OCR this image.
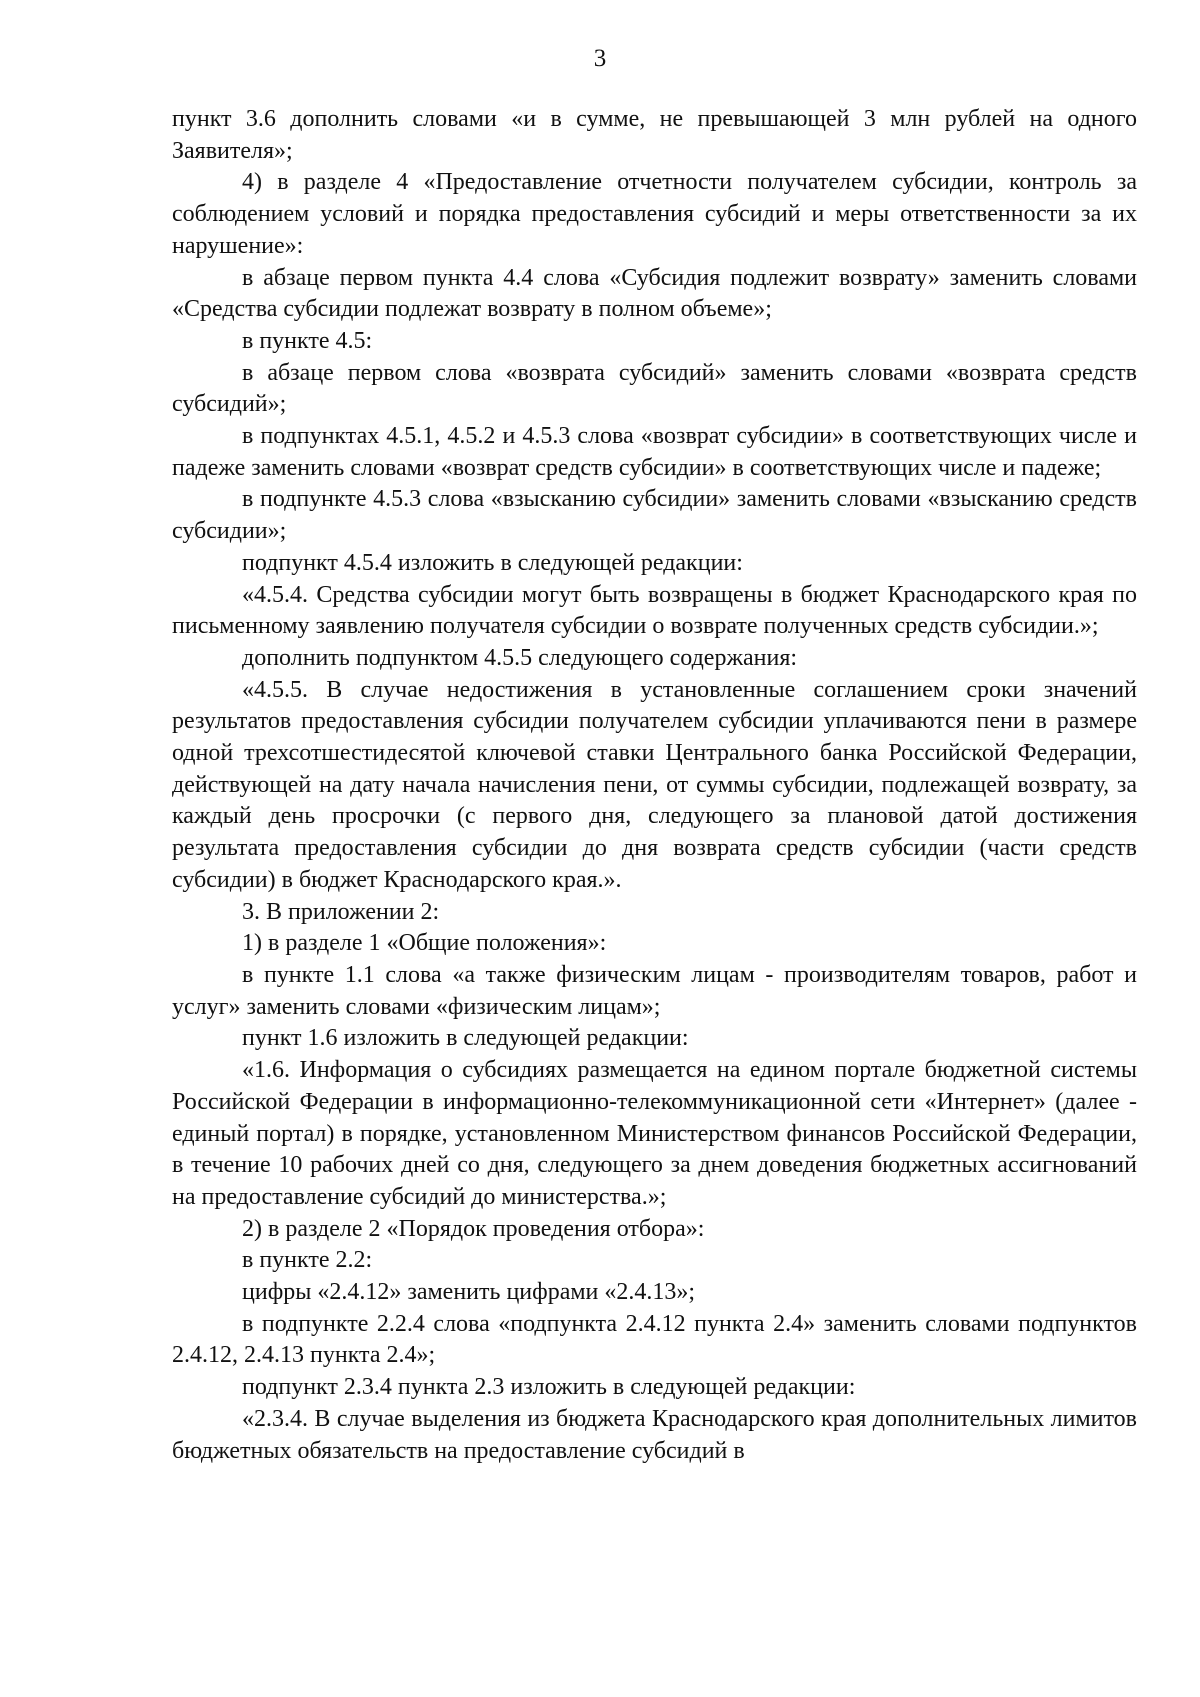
3

пункт 3.6 дополнить словами «и в сумме, не превышающей 3 млн рублей на одного Заявителя»;

4) в разделе 4 «Предоставление отчетности получателем субсидии, контроль за соблюдением условий и порядка предоставления субсидий и меры ответственности за их нарушение»:

в абзаце первом пункта 4.4 слова «Субсидия подлежит возврату» заменить словами «Средства субсидии подлежат возврату в полном объеме»;

в пункте 4.5:

в абзаце первом слова «возврата субсидий» заменить словами «возврата средств субсидий»;

в подпунктах 4.5.1, 4.5.2 и 4.5.3 слова «возврат субсидии» в соответствующих числе и падеже заменить словами «возврат средств субсидии» в соответствующих числе и падеже;

в подпункте 4.5.3 слова «взысканию субсидии» заменить словами «взысканию средств субсидии»;

подпункт 4.5.4 изложить в следующей редакции:

«4.5.4. Средства субсидии могут быть возвращены в бюджет Краснодарского края по письменному заявлению получателя субсидии о возврате полученных средств субсидии.»;

дополнить подпунктом 4.5.5 следующего содержания:

«4.5.5. В случае недостижения в установленные соглашением сроки значений результатов предоставления субсидии получателем субсидии уплачиваются пени в размере одной трехсотшестидесятой ключевой ставки Центрального банка Российской Федерации, действующей на дату начала начисления пени, от суммы субсидии, подлежащей возврату, за каждый день просрочки (с первого дня, следующего за плановой датой достижения результата предоставления субсидии до дня возврата средств субсидии (части средств субсидии) в бюджет Краснодарского края.».

3. В приложении 2:

1) в разделе 1 «Общие положения»:

в пункте 1.1 слова «а также физическим лицам - производителям товаров, работ и услуг» заменить словами «физическим лицам»;

пункт 1.6 изложить в следующей редакции:

«1.6. Информация о субсидиях размещается на едином портале бюджетной системы Российской Федерации в информационно-телекоммуникационной сети «Интернет» (далее - единый портал) в порядке, установленном Министерством финансов Российской Федерации, в течение 10 рабочих дней со дня, следующего за днем доведения бюджетных ассигнований на предоставление субсидий до министерства.»;

2) в разделе 2 «Порядок проведения отбора»:

в пункте 2.2:

цифры «2.4.12» заменить цифрами «2.4.13»;

в подпункте 2.2.4 слова «подпункта 2.4.12 пункта 2.4» заменить словами подпунктов 2.4.12, 2.4.13 пункта 2.4»;

подпункт 2.3.4 пункта 2.3 изложить в следующей редакции:

«2.3.4. В случае выделения из бюджета Краснодарского края дополнительных лимитов бюджетных обязательств на предоставление субсидий в
